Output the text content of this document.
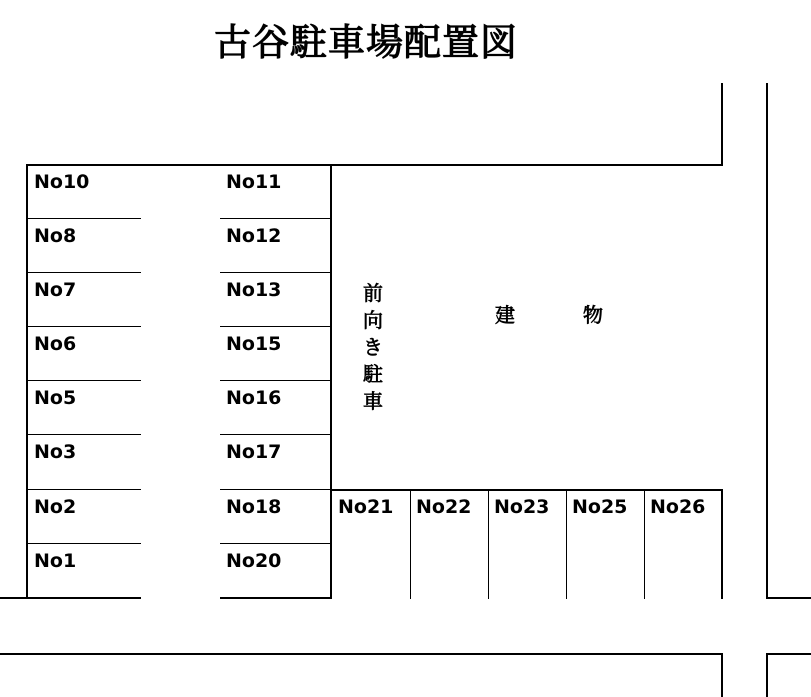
古谷駐車場配置図
No10
No8
No7
No6
No5
No3
No2
No1
No11
No12
No13
No15
No16
No17
No18
No20
No21 No22 No23 No25 No26
前向き駐車
建	物
